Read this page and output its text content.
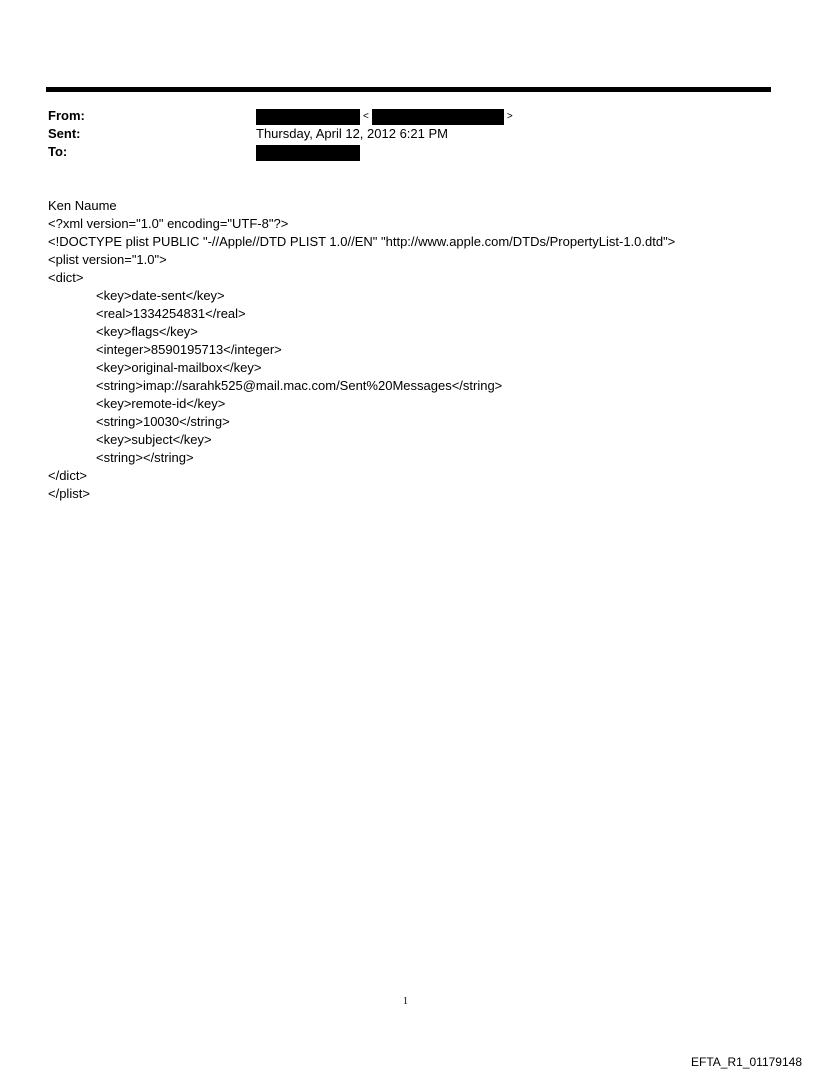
From:	<	>
Sent:	Thursday, April 12, 2012 6:21 PM
To:
Ken Naume
<?xml version="1.0" encoding="UTF-8"?>
<!DOCTYPE plist PUBLIC "-//Apple//DTD PLIST 1.0//EN" "http://www.apple.com/DTDs/PropertyList-1.0.dtd">
<plist version="1.0">
<dict>
<key>date-sent</key>
<real>1334254831</real>
<key>flags</key>
<integer>8590195713</integer>
<key>original-mailbox</key>
<string>imap://sarahk525@mail.mac.com/Sent%20Messages</string>
<key>remote-id</key>
<string>10030</string>
<key>subject</key>
<string></string>
</dict>
</plist>
1
EFTA_R1_01179148
